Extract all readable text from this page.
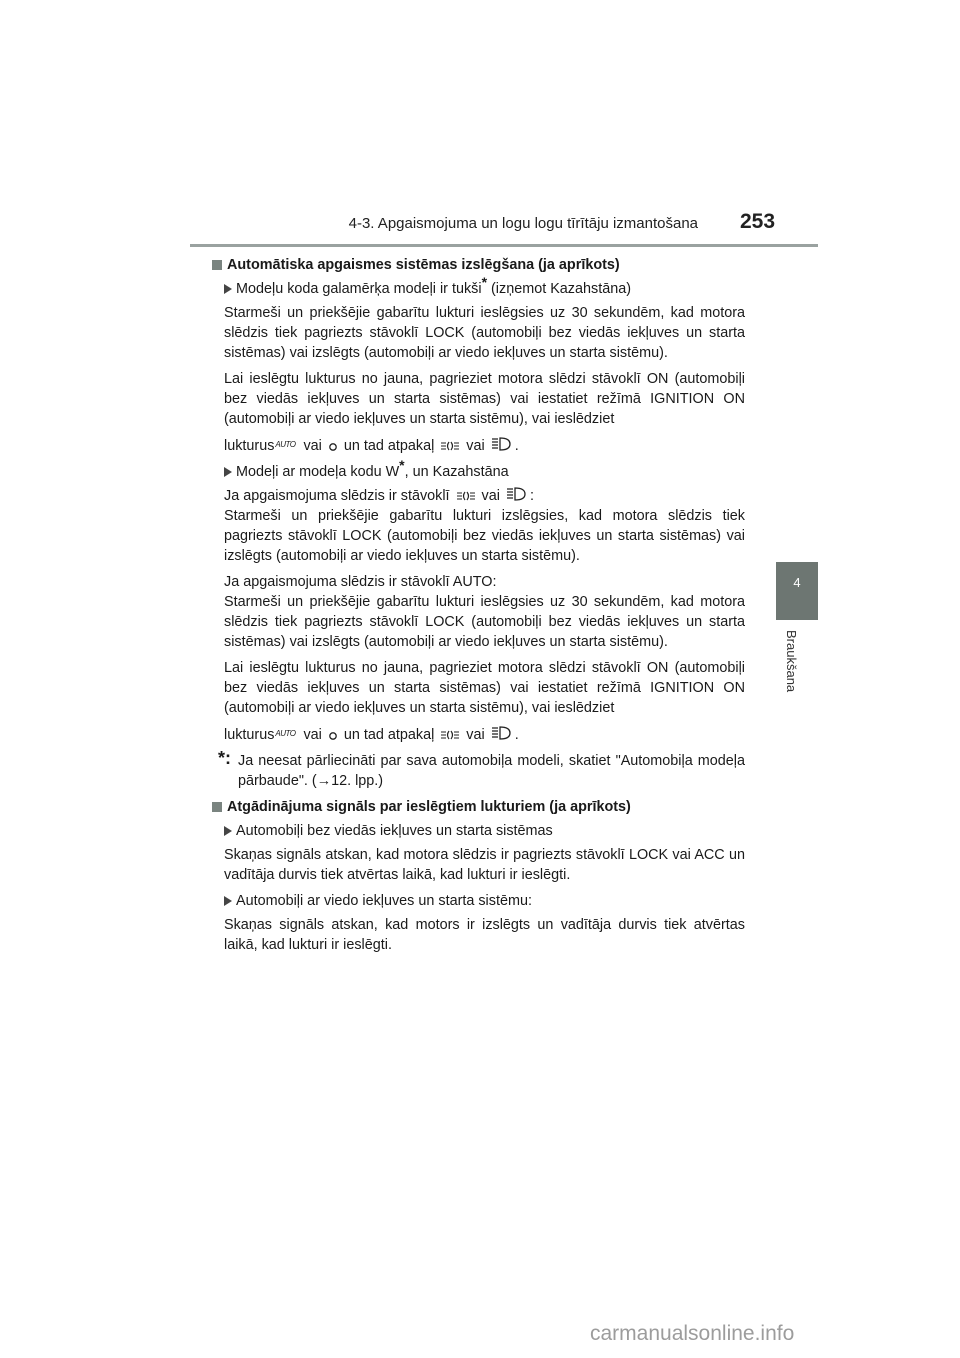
4-3. Apgaismojuma un logu logu tīrītāju izmantošana 253
4
Braukšana
Automātiska apgaismes sistēmas izslēgšana (ja aprīkots)
Modeļu koda galamērķa modeļi ir tukši* (izņemot Kazahstāna)
Starmeši un priekšējie gabarītu lukturi ieslēgsies uz 30 sekundēm, kad motora slēdzis tiek pagriezts stāvoklī LOCK (automobiļi bez viedās iekļuves un starta sistēmas) vai izslēgts (automobiļi ar viedo iekļuves un starta sistēmu).
Lai ieslēgtu lukturus no jauna, pagrieziet motora slēdzi stāvoklī ON (automobiļi bez viedās iekļuves un starta sistēmas) vai iestatiet režīmā IGNITION ON (automobiļi ar viedo iekļuves un starta sistēmu), vai ieslēdziet
lukturusAUTO vai  un tad atpakaļ  vai .
Modeļi ar modeļa kodu W*, un Kazahstāna
Ja apgaismojuma slēdzis ir stāvoklī  vai :
Starmeši un priekšējie gabarītu lukturi izslēgsies, kad motora slēdzis tiek pagriezts stāvoklī LOCK (automobiļi bez viedās iekļuves un starta sistēmas) vai izslēgts (automobiļi ar viedo iekļuves un starta sistēmu).
Ja apgaismojuma slēdzis ir stāvoklī AUTO:
Starmeši un priekšējie gabarītu lukturi ieslēgsies uz 30 sekundēm, kad motora slēdzis tiek pagriezts stāvoklī LOCK (automobiļi bez viedās iekļuves un starta sistēmas) vai izslēgts (automobiļi ar viedo iekļuves un starta sistēmu).
Lai ieslēgtu lukturus no jauna, pagrieziet motora slēdzi stāvoklī ON (automobiļi bez viedās iekļuves un starta sistēmas) vai iestatiet režīmā IGNITION ON (automobiļi ar viedo iekļuves un starta sistēmu), vai ieslēdziet
lukturusAUTO vai  un tad atpakaļ  vai .
*: Ja neesat pārliecināti par sava automobiļa modeli, skatiet "Automobiļa modeļa pārbaude". (→12. lpp.)
Atgādinājuma signāls par ieslēgtiem lukturiem (ja aprīkots)
Automobiļi bez viedās iekļuves un starta sistēmas
Skaņas signāls atskan, kad motora slēdzis ir pagriezts stāvoklī LOCK vai ACC un vadītāja durvis tiek atvērtas laikā, kad lukturi ir ieslēgti.
Automobiļi ar viedo iekļuves un starta sistēmu:
Skaņas signāls atskan, kad motors ir izslēgts un vadītāja durvis tiek atvērtas laikā, kad lukturi ir ieslēgti.
carmanualsonline.info
